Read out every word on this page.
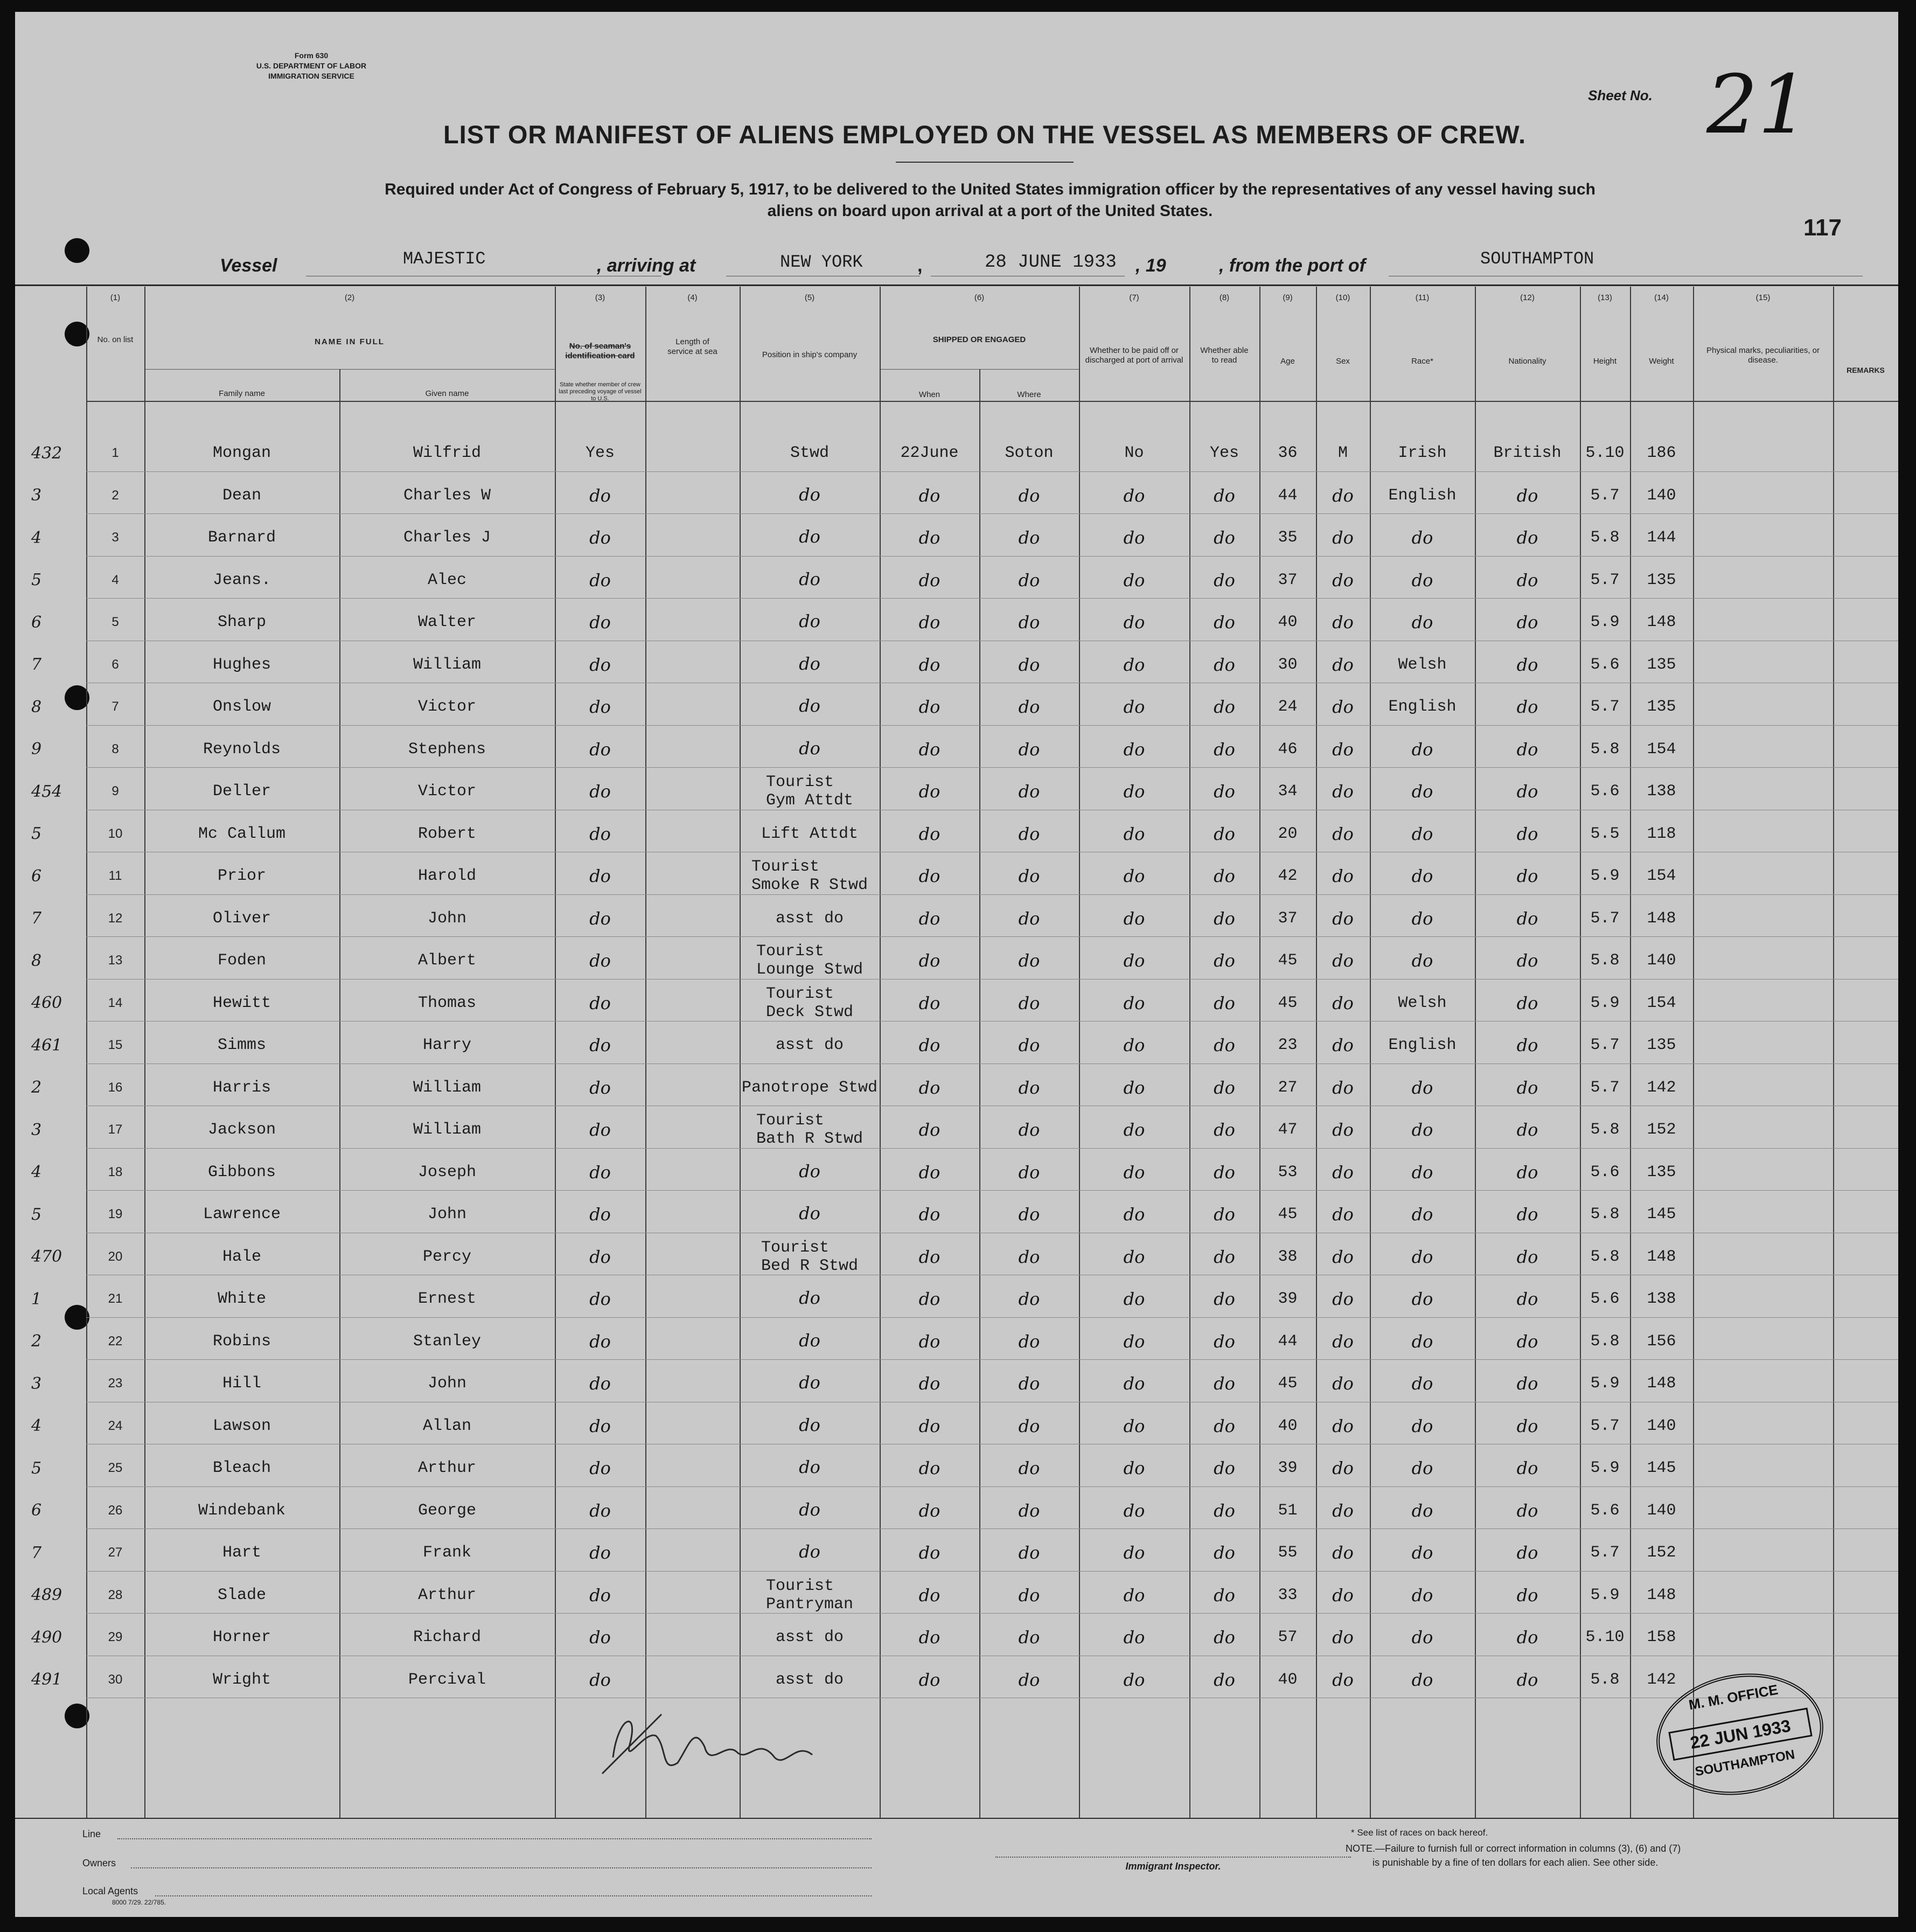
Form 630
U.S. DEPARTMENT OF LABOR
IMMIGRATION SERVICE
LIST OR MANIFEST OF ALIENS EMPLOYED ON THE VESSEL AS MEMBERS OF CREW.
Required under Act of Congress of February 5, 1917, to be delivered to the United States immigration officer by the representatives of any vessel having such
aliens on board upon arrival at a port of the United States.
Sheet No. 21
117
Vessel	MAJESTIC	, arriving at	NEW YORK	,	28 JUNE 1933 , 19	, from the port of	SOUTHAMPTON
(1)
No. on list
(2)
NAME IN FULL
Family name	Given name
(3)
No. of seaman's identification card
State whether member of crew last preceding voyage of vessel to U.S.
(4)
Length of service at sea
(5)
Position in ship's company
(6)
SHIPPED OR ENGAGED
When	Where
(7)
Whether to be paid off or discharged at port of arrival
(8)
Whether able to read
(9)
Age
(10)
Sex
(11)
Race*
(12)
Nationality
(13)
Height
(14)
Weight
(15)
Physical marks, peculiarities, or disease.
REMARKS
432	1	Mongan	Wilfrid	Yes		Stwd	22June	Soton	No	Yes	36	M	Irish	British	5.10	186		
3	2	Dean	Charles W	do		do	do	do	do	do	44	do	English	do	5.7	140		
4	3	Barnard	Charles J	do		do	do	do	do	do	35	do	do	do	5.8	144		
5	4	Jeans.	Alec	do		do	do	do	do	do	37	do	do	do	5.7	135		
6	5	Sharp	Walter	do		do	do	do	do	do	40	do	do	do	5.9	148		
7	6	Hughes	William	do		do	do	do	do	do	30	do	Welsh	do	5.6	135		
8	7	Onslow	Victor	do		do	do	do	do	do	24	do	English	do	5.7	135		
9	8	Reynolds	Stephens	do		do	do	do	do	do	46	do	do	do	5.8	154		
454	9	Deller	Victor	do		Tourist
Gym Attdt	do	do	do	do	34	do	do	do	5.6	138		
5	10	Mc Callum	Robert	do		Lift Attdt	do	do	do	do	20	do	do	do	5.5	118		
6	11	Prior	Harold	do		Tourist
Smoke R Stwd	do	do	do	do	42	do	do	do	5.9	154		
7	12	Oliver	John	do		asst do	do	do	do	do	37	do	do	do	5.7	148		
8	13	Foden	Albert	do		Tourist
Lounge Stwd	do	do	do	do	45	do	do	do	5.8	140		
460	14	Hewitt	Thomas	do		Tourist
Deck Stwd	do	do	do	do	45	do	Welsh	do	5.9	154		
461	15	Simms	Harry	do		asst do	do	do	do	do	23	do	English	do	5.7	135		
2	16	Harris	William	do		Panotrope Stwd	do	do	do	do	27	do	do	do	5.7	142		
3	17	Jackson	William	do		Tourist
Bath R Stwd	do	do	do	do	47	do	do	do	5.8	152		
4	18	Gibbons	Joseph	do		do	do	do	do	do	53	do	do	do	5.6	135		
5	19	Lawrence	John	do		do	do	do	do	do	45	do	do	do	5.8	145		
470	20	Hale	Percy	do		Tourist
Bed R Stwd	do	do	do	do	38	do	do	do	5.8	148		
1	21	White	Ernest	do		do	do	do	do	do	39	do	do	do	5.6	138		
2	22	Robins	Stanley	do		do	do	do	do	do	44	do	do	do	5.8	156		
3	23	Hill	John	do		do	do	do	do	do	45	do	do	do	5.9	148		
4	24	Lawson	Allan	do		do	do	do	do	do	40	do	do	do	5.7	140		
5	25	Bleach	Arthur	do		do	do	do	do	do	39	do	do	do	5.9	145		
6	26	Windebank	George	do		do	do	do	do	do	51	do	do	do	5.6	140		
7	27	Hart	Frank	do		do	do	do	do	do	55	do	do	do	5.7	152		
489	28	Slade	Arthur	do		Tourist
Pantryman	do	do	do	do	33	do	do	do	5.9	148		
490	29	Horner	Richard	do		asst do	do	do	do	do	57	do	do	do	5.10	158		
491	30	Wright	Percival	do		asst do	do	do	do	do	40	do	do	do	5.8	142		
Line
Owners
Local Agents
8000 7/29. 22/785.
Immigrant Inspector.
* See list of races on back hereof.
NOTE.—Failure to furnish full or correct information in columns (3), (6) and (7)
is punishable by a fine of ten dollars for each alien. See other side.
M. M. OFFICE
22 JUN 1933
SOUTHAMPTON
